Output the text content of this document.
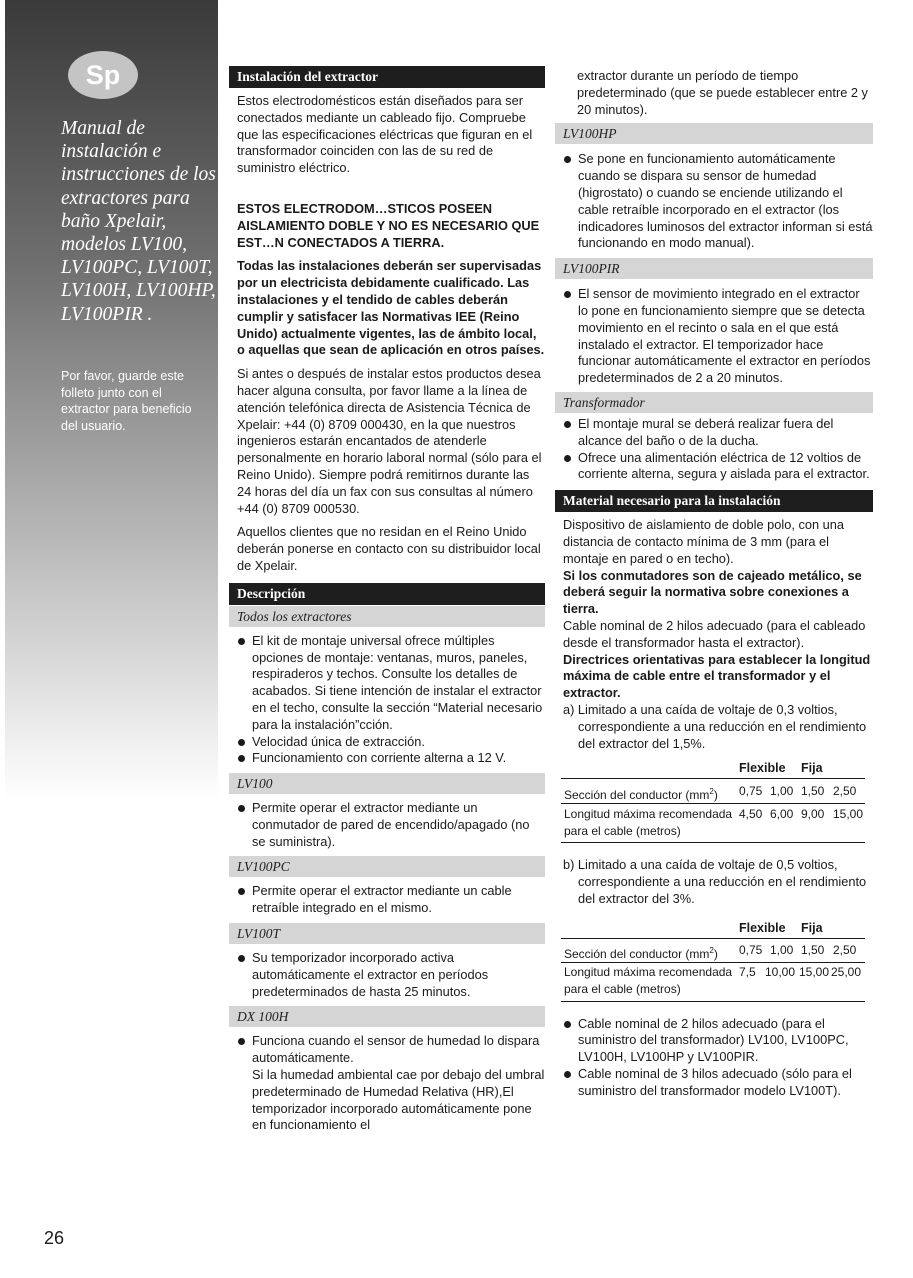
Sp
Manual de instalación e instrucciones de los extractores para baño Xpelair, modelos LV100, LV100PC, LV100T, LV100H, LV100HP, LV100PIR .
Por favor, guarde este folleto junto con el extractor para beneficio del usuario.
Instalación del extractor

Estos electrodomésticos están diseñados para ser conectados mediante un cableado fijo. Compruebe que las especificaciones eléctricas que figuran en el transformador coinciden con las de su red de suministro eléctrico.

ESTOS ELECTRODOM…STICOS POSEEN AISLAMIENTO DOBLE Y NO ES NECESARIO QUE EST…N CONECTADOS A TIERRA.

Todas las instalaciones deberán ser supervisadas por un electricista debidamente cualificado. Las instalaciones y el tendido de cables deberán cumplir y satisfacer las Normativas IEE (Reino Unido) actualmente vigentes, las de ámbito local, o aquellas que sean de aplicación en otros países.

Si antes o después de instalar estos productos desea hacer alguna consulta, por favor llame a la línea de atención telefónica directa de Asistencia Técnica de Xpelair: +44 (0) 8709 000430, en la que nuestros ingenieros estarán encantados de atenderle personalmente en horario laboral normal (sólo para el Reino Unido). Siempre podrá remitirnos durante las 24 horas del día un fax con sus consultas al número +44 (0) 8709 000530.

Aquellos clientes que no residan en el Reino Unido deberán ponerse en contacto con su distribuidor local de Xpelair.

Descripción
Todos los extractores
El kit de montaje universal ofrece múltiples opciones de montaje: ventanas, muros, paneles, respiraderos y techos. Consulte los detalles de acabados. Si tiene intención de instalar el extractor en el techo, consulte la sección “Material necesario para la instalación”cción.
Velocidad única de extracción.
Funcionamiento con corriente alterna a 12 V.
LV100
Permite operar el extractor mediante un conmutador de pared de encendido/apagado (no se suministra).
LV100PC
Permite operar el extractor mediante un cable retraíble integrado en el mismo.
LV100T
Su temporizador incorporado activa automáticamente el extractor en períodos predeterminados de hasta 25 minutos.
DX 100H
Funciona cuando el sensor de humedad lo dispara automáticamente.

Si la humedad ambiental cae por debajo del umbral predeterminado de Humedad Relativa (HR),El temporizador incorporado automáticamente pone en funcionamiento el

extractor durante un período de tiempo predeterminado (que se puede establecer entre 2 y 20 minutos).

LV100HP
Se pone en funcionamiento automáticamente cuando se dispara su sensor de humedad (higrostato) o cuando se enciende utilizando el cable retraíble incorporado en el extractor (los indicadores luminosos del extractor informan si está funcionando en modo manual).
LV100PIR
El sensor de movimiento integrado en el extractor lo pone en funcionamiento siempre que se detecta movimiento en el recinto o sala en el que está instalado el extractor. El temporizador hace funcionar automáticamente el extractor en períodos predeterminados de 2 a 20 minutos.
Transformador
El montaje mural se deberá realizar fuera del alcance del baño o de la ducha.
Ofrece una alimentación eléctrica de 12 voltios de corriente alterna, segura y aislada para el extractor.
Material necesario para la instalación

Dispositivo de aislamiento de doble polo, con una distancia de contacto mínima de 3 mm (para el montaje en pared o en techo).

Si los conmutadores son de cajeado metálico, se deberá seguir la normativa sobre conexiones a tierra.

Cable nominal de 2 hilos adecuado (para el cableado desde el transformador hasta el extractor).

Directrices orientativas para establecer la longitud máxima de cable entre el transformador y el extractor.

a) Limitado a una caída de voltaje de 0,3 voltios, correspondiente a una reducción en el rendimiento del extractor del 1,5%.

Flexible Fija
Sección del conductor $(mm^2)$	0,75 1,00 1,50 2,50
Longitud máxima recomendada para el cable (metros)
4,50 6,00 9,00 15,00

b) Limitado a una caída de voltaje de 0,5 voltios, correspondiente a una reducción en el rendimiento del extractor del 3%.

Flexible Fija
Sección del conductor $(mm^2)$	0,75 1,00 1,50 2,50
Longitud máxima recomendada para el cable (metros)
7,5 10,00 15,00 25,00
Cable nominal de 2 hilos adecuado (para el suministro del transformador) LV100, LV100PC, LV100H, LV100HP y LV100PIR.
Cable nominal de 3 hilos adecuado (sólo para el suministro del transformador modelo LV100T).
26
